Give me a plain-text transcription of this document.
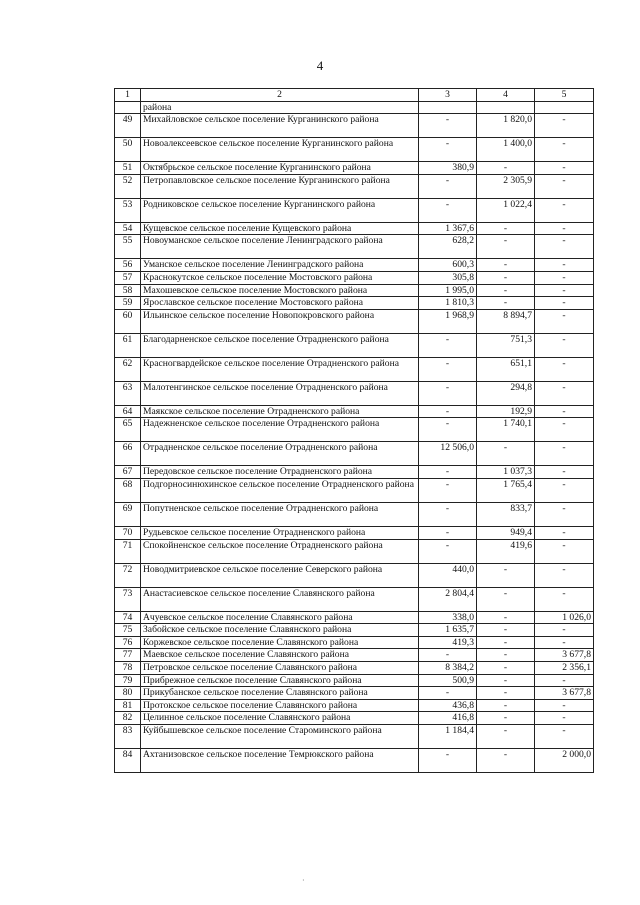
4
1	2	3	4	5
	района			
49	Михайловское сельское поселение Курганинского района	-	1 820,0	-
50	Новоалексеевское сельское поселение Курганинского района	-	1 400,0	-
51	Октябрьское сельское поселение Курганинского района	380,9	-	-
52	Петропавловское сельское поселение Курганинского района	-	2 305,9	-
53	Родниковское сельское поселение Курганинского района	-	1 022,4	-
54	Кущевское сельское поселение Кущевского района	1 367,6	-	-
55	Новоуманское сельское поселение Ленинградского района	628,2	-	-
56	Уманское сельское поселение Ленинградского района	600,3	-	-
57	Краснокутское сельское поселение Мостовского района	305,8	-	-
58	Махошевское сельское поселение Мостовского района	1 995,0	-	-
59	Ярославское сельское поселение Мостовского района	1 810,3	-	-
60	Ильинское сельское поселение Новопокровского района	1 968,9	8 894,7	-
61	Благодарненское сельское поселение Отрадненского района	-	751,3	-
62	Красногвардейское сельское поселение Отрадненского района	-	651,1	-
63	Малотенгинское сельское поселение Отрадненского района	-	294,8	-
64	Маякское сельское поселение Отрадненского района	-	192,9	-
65	Надежненское сельское поселение Отрадненского района	-	1 740,1	-
66	Отрадненское сельское поселение Отрадненского района	12 506,0	-	-
67	Передовское сельское поселение Отрадненского района	-	1 037,3	-
68	Подгорносинюхинское сельское поселение Отрадненского района	-	1 765,4	-
69	Попутненское сельское поселение Отрадненского района	-	833,7	-
70	Рудьевское сельское поселение Отрадненского района	-	949,4	-
71	Спокойненское сельское поселение Отрадненского района	-	419,6	-
72	Новодмитриевское сельское поселение Северского района	440,0	-	-
73	Анастасиевское сельское поселение Славянского района	2 804,4	-	-
74	Ачуевское сельское поселение Славянского района	338,0	-	1 026,0
75	Забойское сельское поселение Славянского района	1 635,7	-	-
76	Коржевское сельское поселение Славянского района	419,3	-	-
77	Маевское сельское поселение Славянского района	-	-	3 677,8
78	Петровское сельское поселение Славянского района	8 384,2	-	2 356,1
79	Прибрежное сельское поселение Славянского района	500,9	-	-
80	Прикубанское сельское поселение Славянского района	-	-	3 677,8
81	Протокское сельское поселение Славянского района	436,8	-	-
82	Целинное сельское поселение Славянского района	416,8	-	-
83	Куйбышевское сельское поселение Староминского района	1 184,4	-	-
84	Ахтанизовское сельское поселение Темрюкского района	-	-	2 000,0
·
